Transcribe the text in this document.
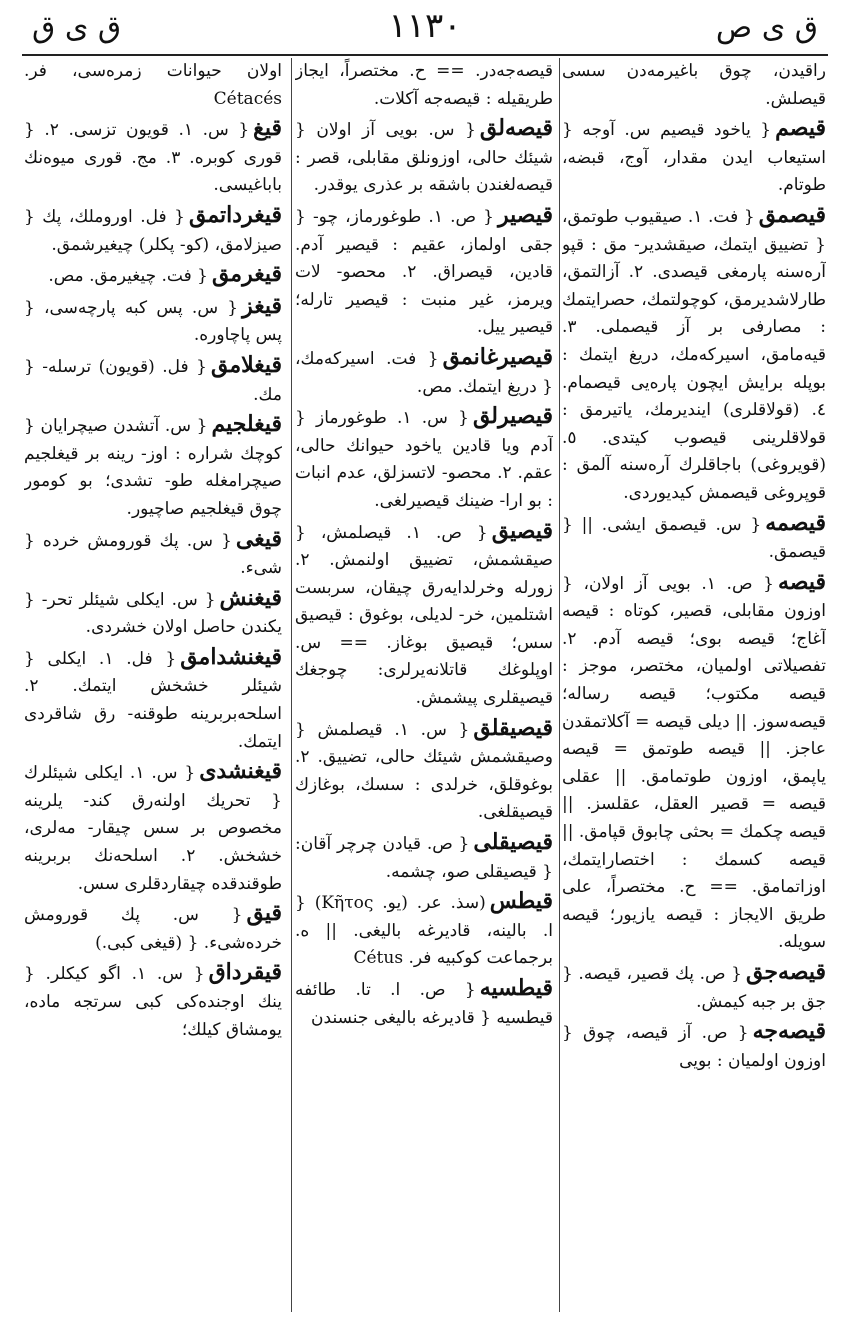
ق ی ق	١١٣٠	ق ی ص
راقیدن، چوق باغیرمەدن سسی قیصلش.
قیصم{ یاخود قیصیم س. آوجە { استیعاب ایدن مقدار، آوج، قبضە، طوتام.
قیصمق{ فت. ١. صیقیوب طوتمق، { تضییق ایتمك، صیقشدیر- مق : قپو آرەسنە پارمغی قیصدی. ٢. آزالتمق، طارلاشدیرمق، کوچولتمك، حصرایتمك : مصارفی بر آز قیصملی. ٣. قیەمامق، اسیرکەمك، دریغ ایتمك : بوپلە برایش ایچون پارەیی قیصمام. ٤. (قولاقلری) ایندیرمك، یاتیرمق : قولاقلرینی قیصوب کیتدی. ٥. (قویروغی) باجاقلرك آرەسنە آلمق : قوپروغی قیصمش کیدیوردی.
قیصمە{ س. قیصمق ایشی. || { قیصمق.
قیصە{ ص. ١. بویی آز اولان، { اوزون مقابلی، قصیر، کوتاه : قیصە آغاج؛ قیصە بوی؛ قیصە آدم. ٢. تفصیلاتی اولمیان، مختصر، موجز : قیصە مکتوب؛ قیصە رسالە؛ قیصەسوز. || دیلی قیصە = آکلاتمقدن عاجز. || قیصە طوتمق = قیصە یاپمق، اوزون طوتمامق. || عقلی قیصە = قصیر العقل، عقلسز. || قیصە چکمك = بحثی چابوق قپامق. || قیصە کسمك : اختصارایتمك، اوزاتمامق. == ح. مختصراً، علی طریق الایجاز : قیصە یازیور؛ قیصە سویلە.
قیصەجق{ ص. پك قصیر، قیصە. { جق بر جبە کیمش.
قیصەجە{ ص. آز قیصە، چوق { اوزون اولمیان : بویی
قیصەجەدر. == ح. مختصراً، ایجاز طریقیلە : قیصەجە آکلات.
قیصەلق{ س. بویی آز اولان { شیئك حالی، اوزونلق مقابلی، قصر : قیصەلغندن باشقە بر عذری یوقدر.
قیصیر{ ص. ١. طوغورماز، چو- { جقی اولماز، عقیم : قیصیر آدم. قادین، قیصراق. ٢. محصو- لات ویرمز، غیر منبت : قیصیر تارلە؛ قیصیر ییل.
قیصیرغانمق{ فت. اسیرکەمك، { دریغ ایتمك. مص.
قیصیرلق{ س. ١. طوغورماز { آدم ویا قادین یاخود حیوانك حالی، عقم. ٢. محصو- لاتسزلق، عدم انبات : بو ارا- ضینك قیصیرلغی.
قیصیق{ ص. ١. قیصلمش، { صیقشمش، تضییق اولنمش. ٢. زورلە وخرلدایەرق چیقان، سربست اشتلمین، خر- لدیلی، بوغوق : قیصیق سس؛ قیصیق بوغاز. == س. اوپلوغك قاتلانەیرلری: چوجغك قیصیقلری پیشمش.
قیصیقلق{ س. ١. قیصلمش { وصیقشمش شیئك حالی، تضییق. ٢. بوغوقلق، خرلدی : سسك، بوغازك قیصیقلغی.
قیصیقلی{ ص. قیادن چرچر آقان: { قیصیقلی صو، چشمە.
قیطس(سذ. عر. (یو. Κῆτος) { ا. بالینە، قادیرغە بالیغی. || ه. برجماعت کوکبیە فر. Cétus
قیطسیە{ ص. ا. تا. طائفە قیطسیە { قادیرغە بالیغی جنسندن
اولان حیوانات زمرەسی، فر. Cétacés
قیغ{ س. ١. قویون تزسی. ٢. { قوری کوبرە. ٣. مج. قوری میوەنك باباغیسی.
قیغرداتمق{ فل. اوروملك، پك { صیزلامق، (کو- پکلر) چیغیرشمق.
قیغرمق{ فت. چیغیرمق. مص.
قیغز{ س. پس کبە پارچەسی، { پس پاچاورە.
قیغلامق{ فل. (قویون) ترسلە- { مك.
قیغلجیم{ س. آتشدن صیچرایان { کوچك شرارە : اوز- رینە بر قیغلجیم صیچرامغلە طو- تشدی؛ بو کومور چوق قیغلجیم صاچیور.
قیغی{ س. پك قورومش خردە { شیء.
قیغنش{ س. ایکلی شیئلر تحر- { یکندن حاصل اولان خشردی.
قیغنشدامق{ فل. ١. ایکلی { شیئلر خشخش ایتمك. ٢. اسلحەبربرینە طوقنە- رق شاقردی ایتمك.
قیغنشدی{ س. ١. ایکلی شیئلرك { تحریك اولنەرق کند- یلرینە مخصوص بر سس چیقار- مەلری، خشخش. ٢. اسلحەنك بربرینە طوقندقدە چیقاردقلری سس.
قیق{ س. پك قورومش خردەشیء. { (قیغی کبی.)
قیقرداق{ س. ١. اگو کیکلر. { ینك اوجندەکی کبی سرتجە مادە، یومشاق کیلك؛
